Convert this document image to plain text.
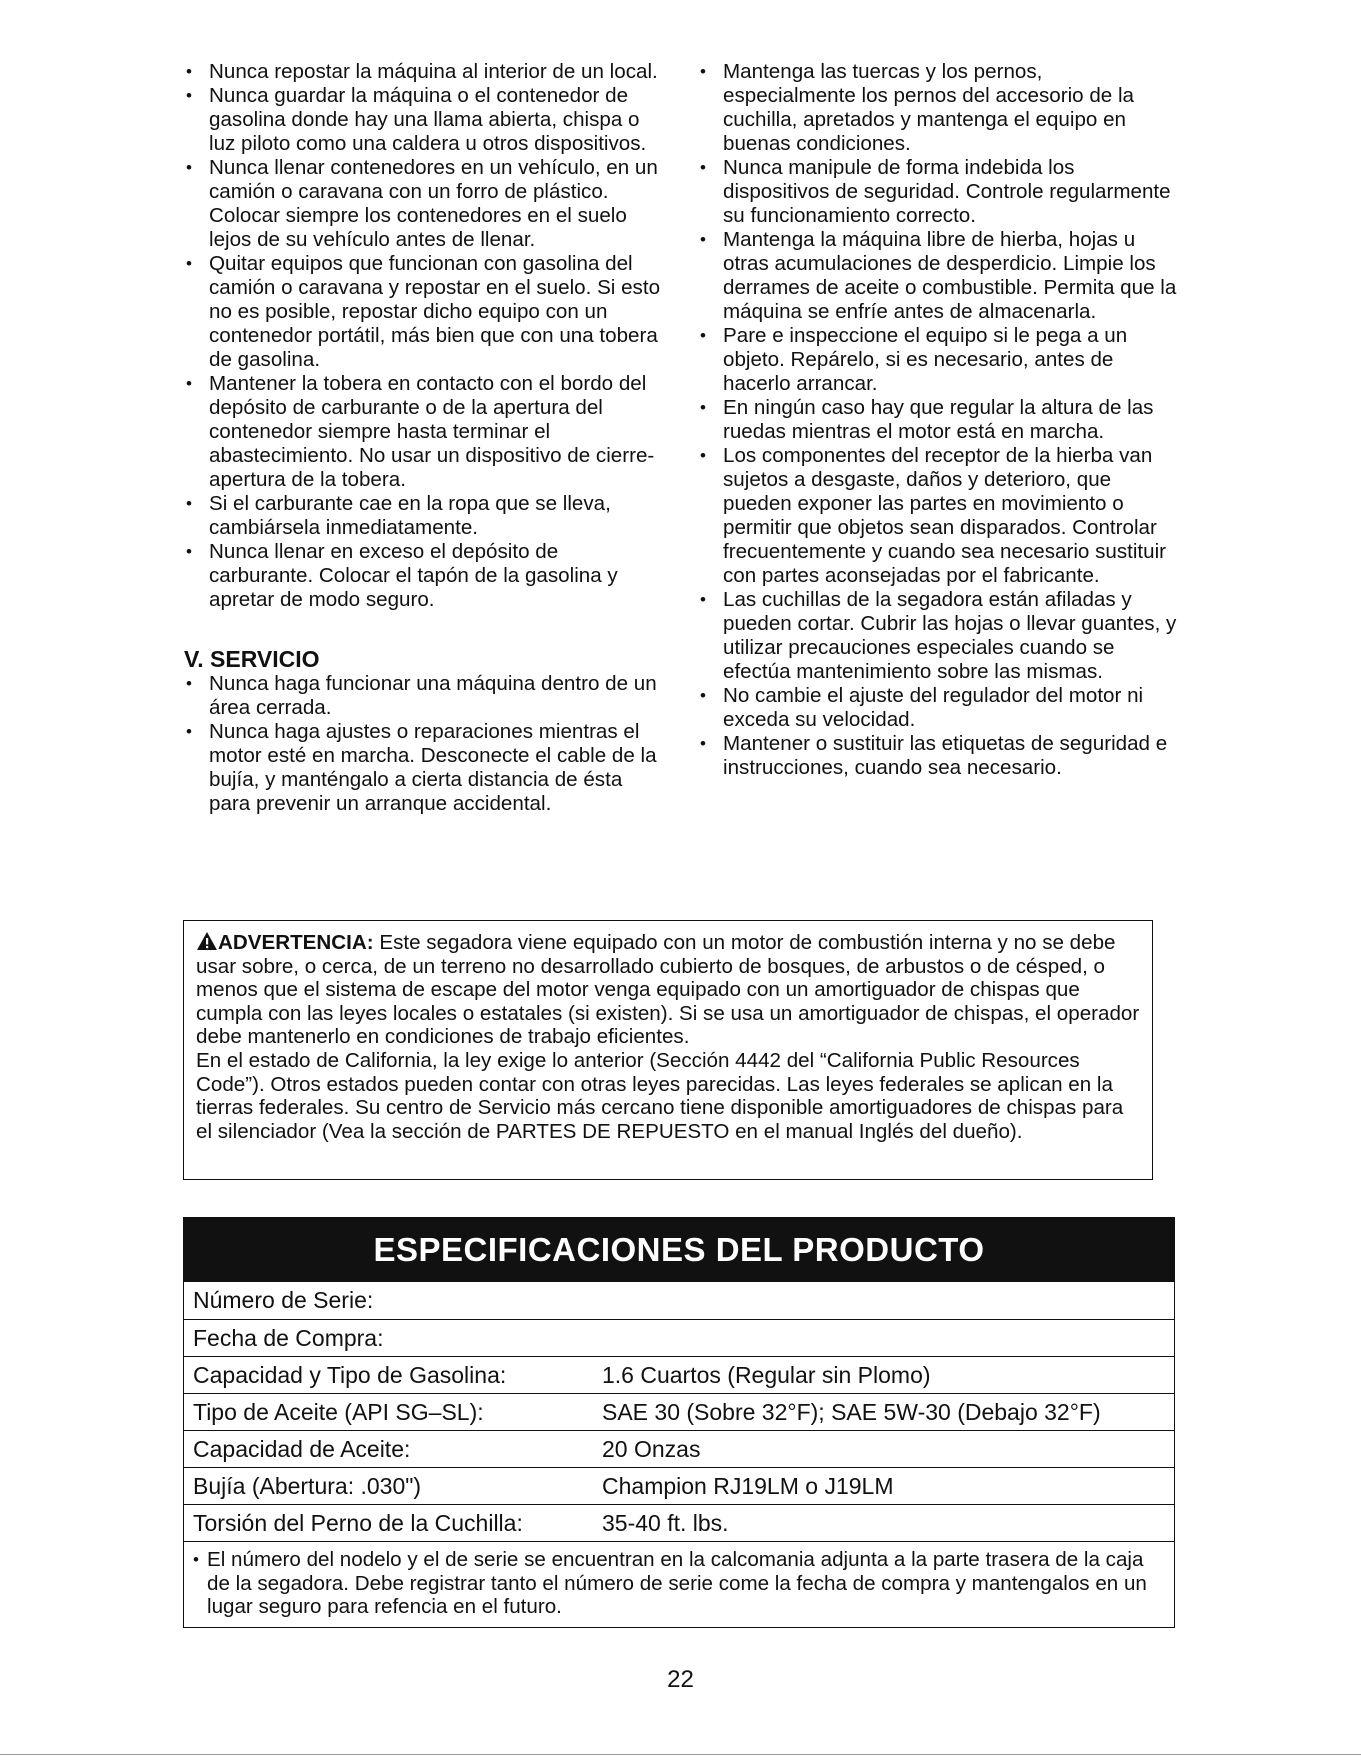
• Nunca repostar la máquina al interior de un local.
• Nunca guardar la máquina o el contenedor de gasolina donde hay una llama abierta, chispa o luz piloto como una caldera u otros dispositivos.
• Nunca llenar contenedores en un vehículo, en un camión o caravana con un forro de plástico. Colocar siempre los contenedores en el suelo lejos de su vehículo antes de llenar.
• Quitar equipos que funcionan con gasolina del camión o caravana y repostar en el suelo. Si esto no es posible, repostar dicho equipo con un contenedor portátil, más bien que con una tobera de gasolina.
• Mantener la tobera en contacto con el bordo del depósito de carburante o de la apertura del contenedor siempre hasta terminar el abastecimiento. No usar un dispositivo de cierre-apertura de la tobera.
• Si el carburante cae en la ropa que se lleva, cambiársela inmediatamente.
• Nunca llenar en exceso el depósito de carburante. Colocar el tapón de la gasolina y apretar de modo seguro.
V. SERVICIO
• Nunca haga funcionar una máquina dentro de un área cerrada.
• Nunca haga ajustes o reparaciones mientras el motor esté en marcha. Desconecte el cable de la bujía, y manténgalo a cierta distancia de ésta para prevenir un arranque accidental.
• Mantenga las tuercas y los pernos, especialmente los pernos del accesorio de la cuchilla, apretados y mantenga el equipo en buenas condiciones.
• Nunca manipule de forma indebida los dispositivos de seguridad. Controle regularmente su funcionamiento correcto.
• Mantenga la máquina libre de hierba, hojas u otras acumulaciones de desperdicio. Limpie los derrames de aceite o combustible. Permita que la máquina se enfríe antes de almacenarla.
• Pare e inspeccione el equipo si le pega a un objeto. Repárelo, si es necesario, antes de hacerlo arrancar.
• En ningún caso hay que regular la altura de las ruedas mientras el motor está en marcha.
• Los componentes del receptor de la hierba van sujetos a desgaste, daños y deterioro, que pueden exponer las partes en movimiento o permitir que objetos sean disparados. Controlar frecuentemente y cuando sea necesario sustituir con partes aconsejadas por el fabricante.
• Las cuchillas de la segadora están afiladas y pueden cortar. Cubrir las hojas o llevar guantes, y utilizar precauciones especiales cuando se efectúa mantenimiento sobre las mismas.
• No cambie el ajuste del regulador del motor ni exceda su velocidad.
• Mantener o sustituir las etiquetas de seguridad e instrucciones, cuando sea necesario.

ADVERTENCIA: Este segadora viene equipado con un motor de combustión interna y no se debe usar sobre, o cerca, de un terreno no desarrollado cubierto de bosques, de arbustos o de césped, o menos que el sistema de escape del motor venga equipado con un amortiguador de chispas que cumpla con las leyes locales o estatales (si existen). Si se usa un amortiguador de chispas, el operador debe mantenerlo en condiciones de trabajo eficientes.

En el estado de California, la ley exige lo anterior (Sección 4442 del “California Public Resources Code”). Otros estados pueden contar con otras leyes parecidas. Las leyes federales se aplican en la tierras federales. Su centro de Servicio más cercano tiene disponible amortiguadores de chispas para el silenciador (Vea la sección de PARTES DE REPUESTO en el manual Inglés del dueño).

ESPECIFICACIONES DEL PRODUCTO
Número de Serie:
Fecha de Compra:
Capacidad y Tipo de Gasolina:	1.6 Cuartos (Regular sin Plomo)
Tipo de Aceite (API SG–SL):	SAE 30 (Sobre 32°F); SAE 5W-30 (Debajo 32°F)
Capacidad de Aceite:	20 Onzas
Bujía (Abertura: .030")	Champion RJ19LM o J19LM
Torsión del Perno de la Cuchilla:	35-40 ft. lbs.
• El número del nodelo y el de serie se encuentran en la calcomania adjunta a la parte trasera de la caja de la segadora. Debe registrar tanto el número de serie come la fecha de compra y mantengalos en un lugar seguro para refencia en el futuro.
22
